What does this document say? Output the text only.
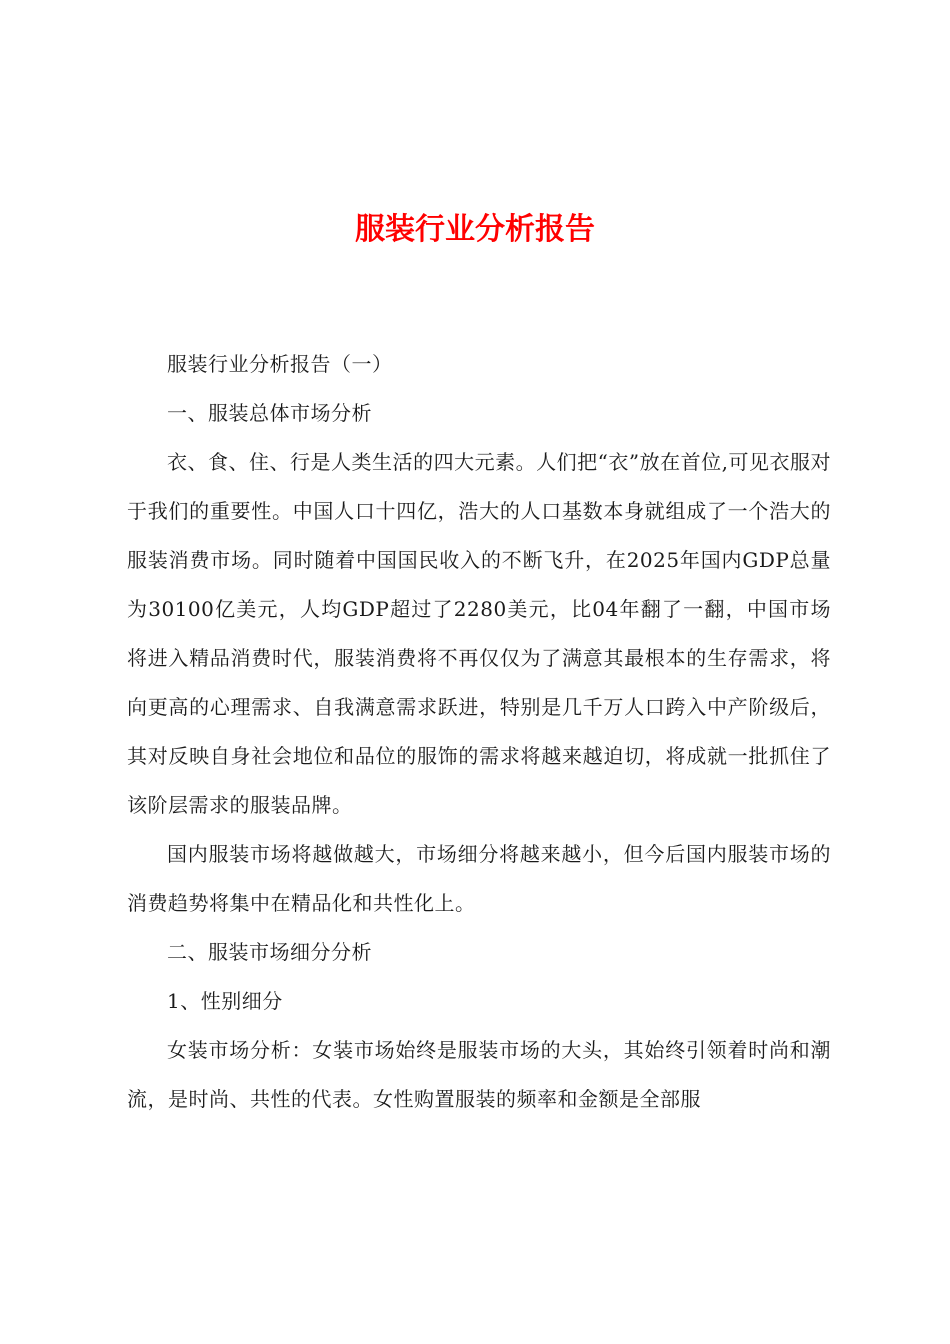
服装行业分析报告

服装行业分析报告（一）

一、服装总体市场分析

衣、食、住、行是人类生活的四大元素。人们把“衣”放在首位,可见衣服对于我们的重要性。中国人口十四亿，浩大的人口基数本身就组成了一个浩大的服装消费市场。同时随着中国国民收入的不断飞升，在2025年国内GDP总量为30100亿美元，人均GDP超过了2280美元，比04年翻了一翻，中国市场将进入精品消费时代，服装消费将不再仅仅为了满意其最根本的生存需求，将向更高的心理需求、自我满意需求跃进，特别是几千万人口跨入中产阶级后，其对反映自身社会地位和品位的服饰的需求将越来越迫切，将成就一批抓住了该阶层需求的服装品牌。

国内服装市场将越做越大，市场细分将越来越小，但今后国内服装市场的消费趋势将集中在精品化和共性化上。

二、服装市场细分分析

1、性别细分

女装市场分析：女装市场始终是服装市场的大头，其始终引领着时尚和潮流，是时尚、共性的代表。女性购置服装的频率和金额是全部服
